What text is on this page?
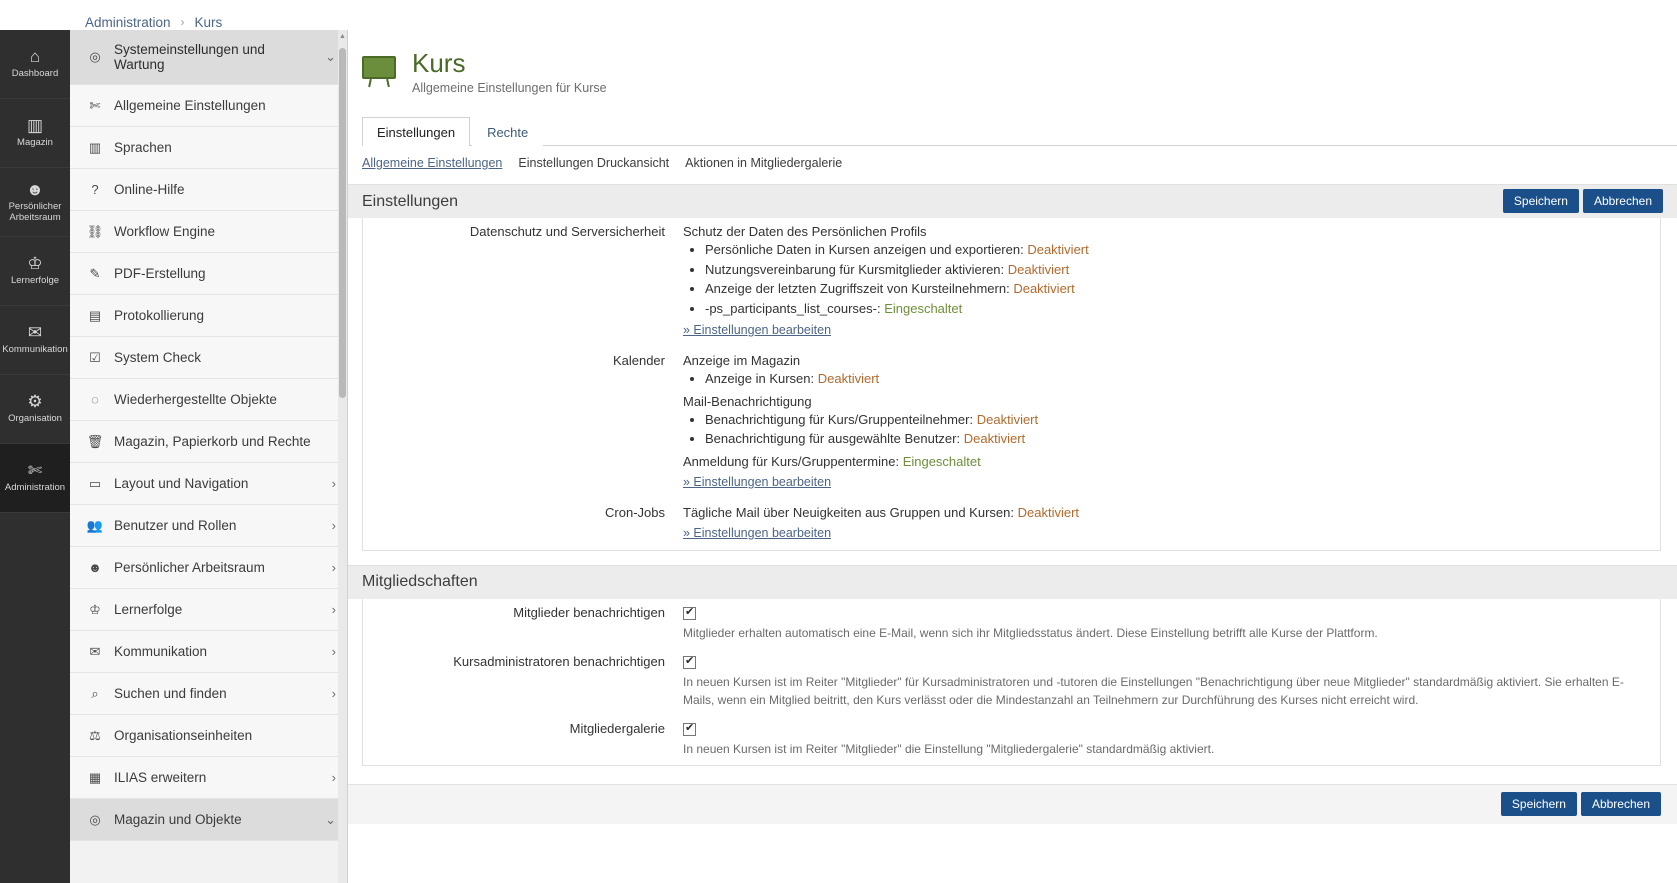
Administration › Kurs
⌂
Dashboard
▥
Magazin
☻
Persönlicher Arbeitsraum
♔
Lernerfolge
✉
Kommunikation
⚙
Organisation
✄
Administration
◎ Systemeinstellungen und Wartung
⌄
✄ Allgemeine Einstellungen
▥ Sprachen
?	Online-Hilfe
⛓ Workflow Engine
✎ PDF-Erstellung
▤ Protokollierung
☑ System Check
◌	Wiederhergestellte Objekte
🗑 Magazin, Papierkorb und Rechte
▭ Layout und Navigation	›
👥 Benutzer und Rollen	›
☻ Persönlicher Arbeitsraum	›
♔ Lernerfolge	›
✉ Kommunikation	›
⌕	Suchen und finden	›
⚖ Organisationseinheiten
▦ ILIAS erweitern	›
◎ Magazin und Objekte	⌄
▲
Kurs
Allgemeine Einstellungen für Kurse
Einstellungen	Rechte
Allgemeine Einstellungen Einstellungen Druckansicht Aktionen in Mitgliedergalerie
Einstellungen	Speichern	Abbrechen
Datenschutz und Serversicherheit	Schutz der Daten des Persönlichen Profils

• Persönliche Daten in Kursen anzeigen und exportieren: Deaktiviert
• Nutzungsvereinbarung für Kursmitglieder aktivieren: Deaktiviert
• Anzeige der letzten Zugriffszeit von Kursteilnehmern: Deaktiviert
• -ps_participants_list_courses-: Eingeschaltet
» Einstellungen bearbeiten
Kalender	Anzeige im Magazin

• Anzeige in Kursen: Deaktiviert

Mail-Benachrichtigung

• Benachrichtigung für Kurs/Gruppenteilnehmer: Deaktiviert
• Benachrichtigung für ausgewählte Benutzer: Deaktiviert

Anmeldung für Kurs/Gruppentermine: Eingeschaltet

» Einstellungen bearbeiten
Cron-Jobs	Tägliche Mail über Neuigkeiten aus Gruppen und Kursen: Deaktiviert

» Einstellungen bearbeiten
Mitgliedschaften
Mitglieder benachrichtigen
✔
Mitglieder erhalten automatisch eine E-Mail, wenn sich ihr Mitgliedsstatus ändert. Diese Einstellung betrifft alle Kurse der Plattform.
Kursadministratoren benachrichtigen
✔
In neuen Kursen ist im Reiter "Mitglieder" für Kursadministratoren und -tutoren die Einstellungen "Benachrichtigung über neue Mitglieder" standardmäßig aktiviert. Sie erhalten E-Mails, wenn ein Mitglied beitritt, den Kurs verlässt oder die Mindestanzahl an Teilnehmern zur Durchführung des Kurses nicht erreicht wird.
Mitgliedergalerie
✔
In neuen Kursen ist im Reiter "Mitglieder" die Einstellung "Mitgliedergalerie" standardmäßig aktiviert.
Speichern	Abbrechen
